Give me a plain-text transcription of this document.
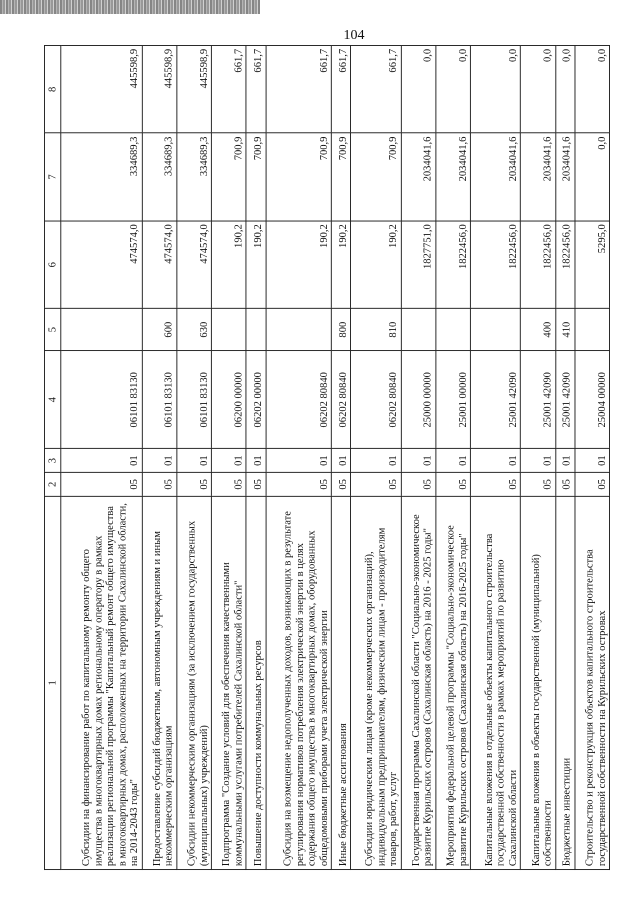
104
1	2	3	4	5	6	7	8
Субсидии на финансирование работ по капитальному ремонту общего имущества в многоквартирных домах региональному оператору в рамках реализации региональной программы "Капитальный ремонт общего имущества в многоквартирных домах, расположенных на территории Сахалинской области, на 2014-2043 годы"	05	01	06101 83130		474574,0	334689,3	445598,9
Предоставление субсидий бюджетным, автономным учреждениям и иным некоммерческим организациям	05	01	06101 83130	600	474574,0	334689,3	445598,9
Субсидии некоммерческим организациям (за исключением государственных (муниципальных) учреждений)	05	01	06101 83130	630	474574,0	334689,3	445598,9
Подпрограмма "Создание условий для обеспечения качественными коммунальными услугами потребителей Сахалинской области"	05	01	06200 00000		190,2	700,9	661,7
Повышение доступности коммунальных ресурсов	05	01	06202 00000		190,2	700,9	661,7
Субсидия на возмещение недополученных доходов, возникающих в результате регулирования нормативов потребления электрической энергии в целях содержания общего имущества в многоквартирных домах, оборудованных общедомовыми приборами учета электрической энергии	05	01	06202 80840		190,2	700,9	661,7
Иные бюджетные ассигнования	05	01	06202 80840	800	190,2	700,9	661,7
Субсидии юридическим лицам (кроме некоммерческих организаций), индивидуальным предпринимателям, физическим лицам - производителям товаров, работ, услуг	05	01	06202 80840	810	190,2	700,9	661,7
Государственная программа Сахалинской области "Социально-экономическое развитие Курильских островов (Сахалинская область) на 2016 - 2025 годы"	05	01	25000 00000		1827751,0	2034041,6	0,0
Мероприятия федеральной целевой программы "Социально-экономическое развитие Курильских островов (Сахалинская область) на 2016-2025 годы"	05	01	25001 00000		1822456,0	2034041,6	0,0
Капитальные вложения в отдельные объекты капитального строительства государственной собственности в рамках мероприятий по развитию Сахалинской области	05	01	25001 42090		1822456,0	2034041,6	0,0
Капитальные вложения в объекты государственной (муниципальной) собственности	05	01	25001 42090	400	1822456,0	2034041,6	0,0
Бюджетные инвестиции	05	01	25001 42090	410	1822456,0	2034041,6	0,0
Строительство и реконструкция объектов капитального строительства государственной собственности на Курильских островах	05	01	25004 00000		5295,0	0,0	0,0
